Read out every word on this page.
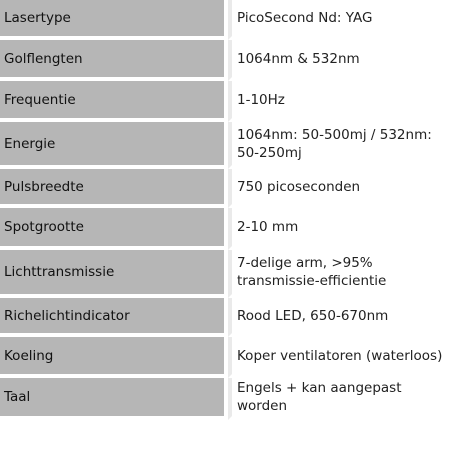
Lasertype	PicoSecond Nd: YAG
Golflengten	1064nm & 532nm
Frequentie	1-10Hz
Energie	1064nm: 50-500mj / 532nm: 50-250mj
Pulsbreedte	750 picoseconden
Spotgrootte	2-10 mm
Lichttransmissie	7-delige arm, >95% transmissie-efficientie
Richelichtindicator	Rood LED, 650-670nm
Koeling	Koper ventilatoren (waterloos)
Taal	Engels + kan aangepast worden
